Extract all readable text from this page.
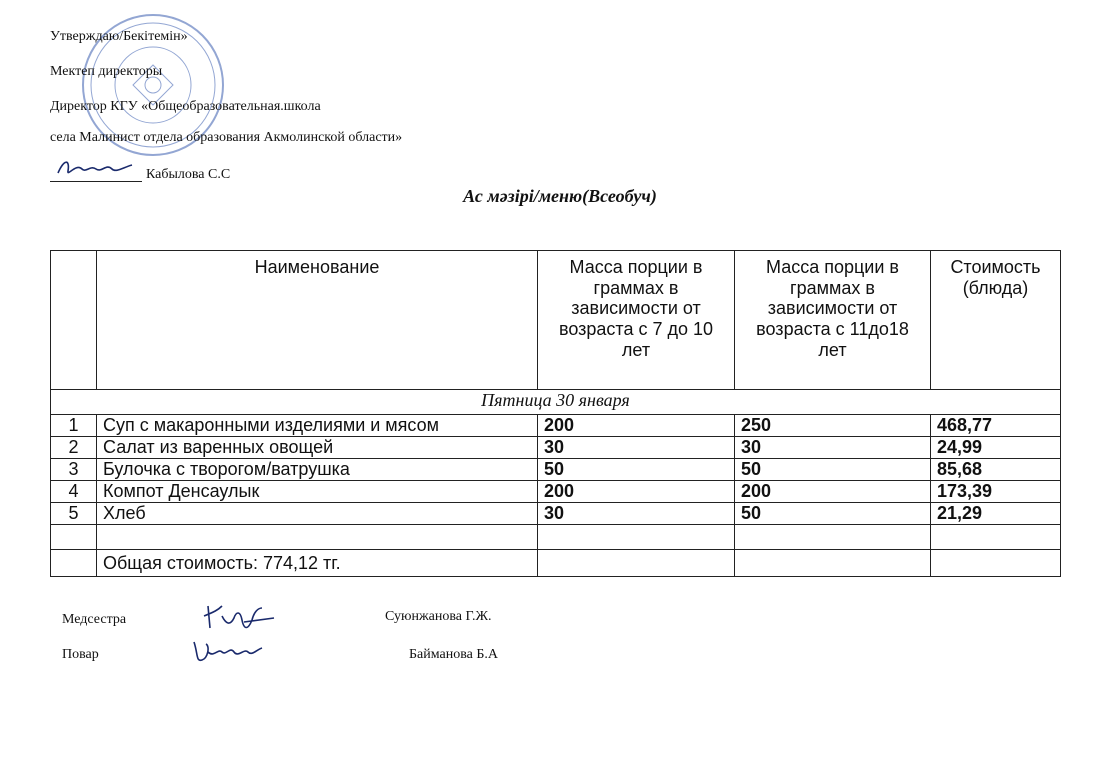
Утверждаю/Бекітемін»
Мектеп директоры
Директор КГУ «Общеобразовательная.школа
села Малинист отдела образования Акмолинской области»
Кабылова С.С
Ас мәзірі/меню(Всеобуч)
	Наименование	Масса порции в граммах в зависимости от возраста с 7 до 10 лет	Масса порции в граммах в зависимости от возраста с 11до18 лет	Стоимость (блюда)
Пятница 30 января				
1	Суп с макаронными изделиями и мясом	200	250	468,77
2	Салат из варенных овощей	30	30	24,99
3	Булочка с творогом/ватрушка	50	50	85,68
4	Компот Денсаулык	200	200	173,39
5	Хлеб	30	50	21,29

	Общая стоимость: 774,12 тг.			
Медсестра	Суюнжанова Г.Ж.
Повар	Байманова Б.А
